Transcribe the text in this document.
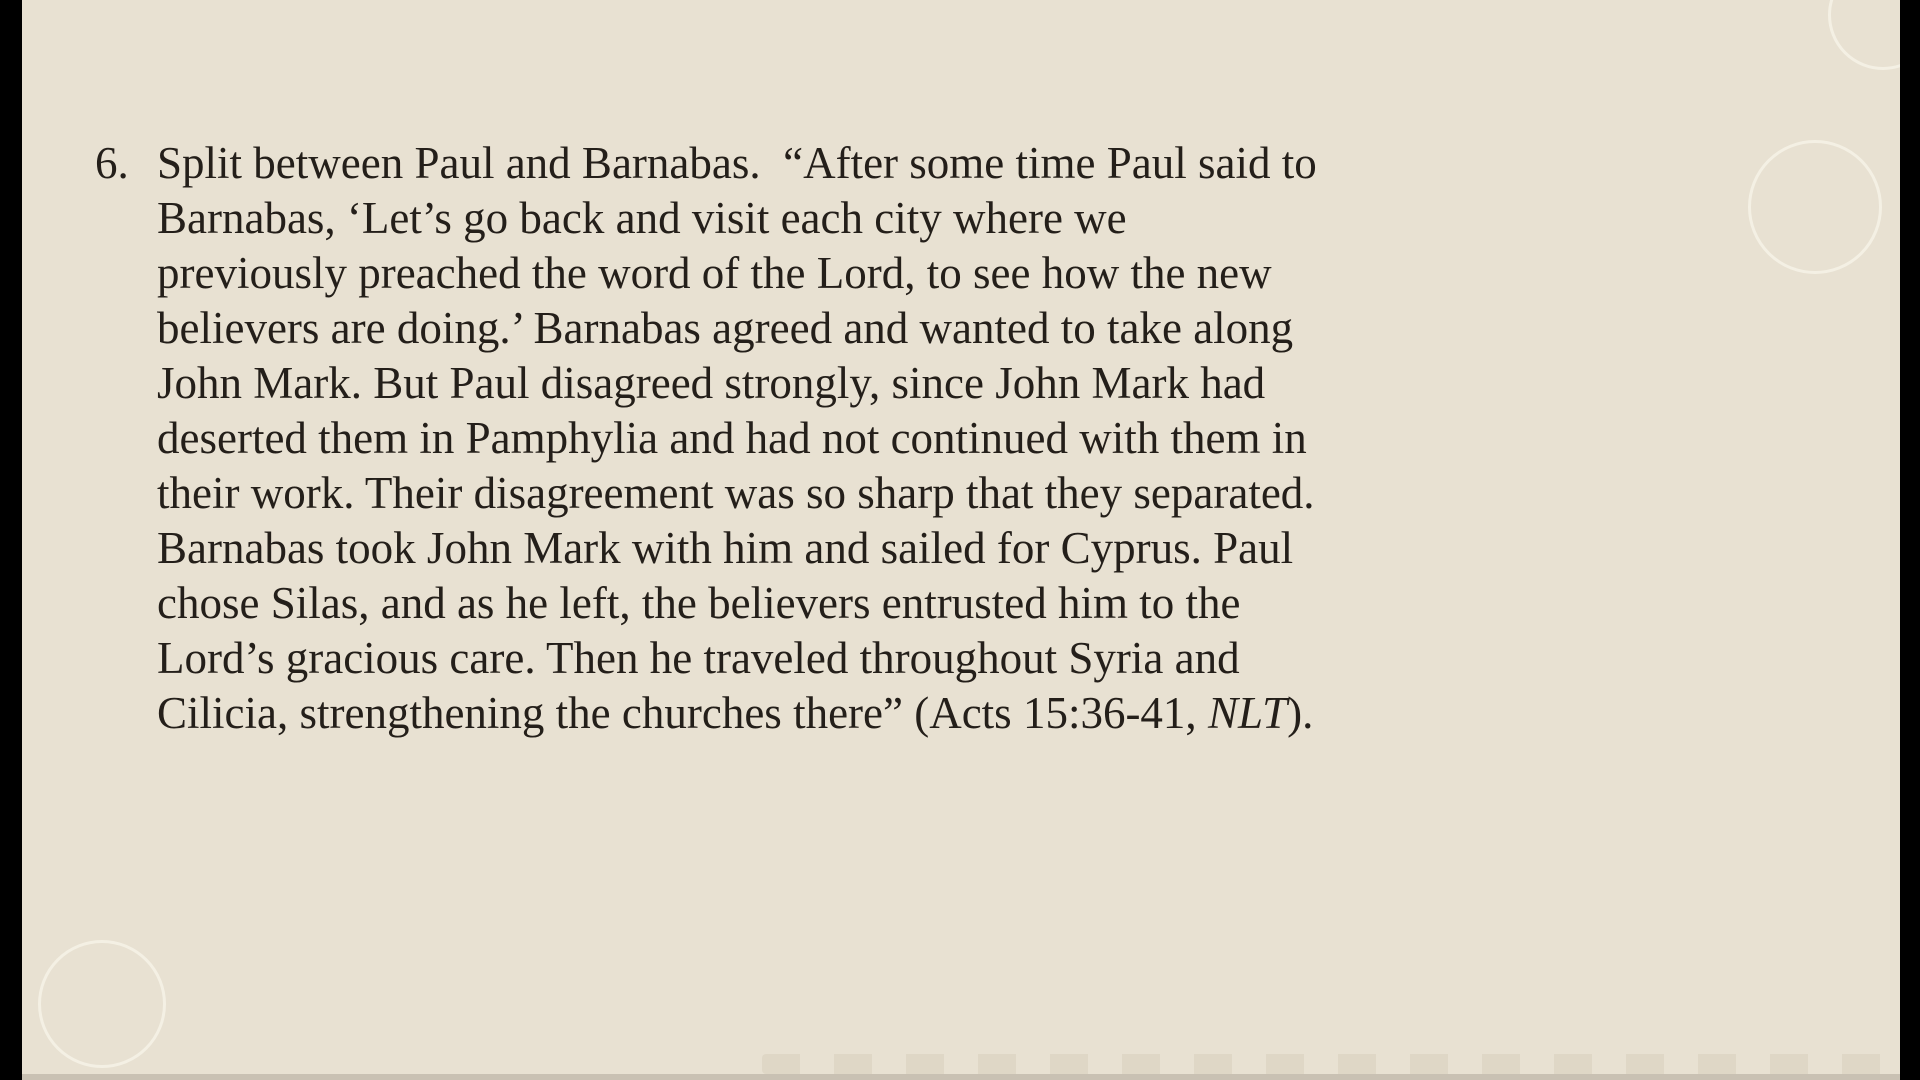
6. Split between Paul and Barnabas.  “After some time Paul said to
Barnabas, ‘Let’s go back and visit each city where we
previously preached the word of the Lord, to see how the new
believers are doing.’ Barnabas agreed and wanted to take along
John Mark. But Paul disagreed strongly, since John Mark had
deserted them in Pamphylia and had not continued with them in
their work. Their disagreement was so sharp that they separated.
Barnabas took John Mark with him and sailed for Cyprus. Paul
chose Silas, and as he left, the believers entrusted him to the
Lord’s gracious care. Then he traveled throughout Syria and
Cilicia, strengthening the churches there” (Acts 15:36-41, NLT).
